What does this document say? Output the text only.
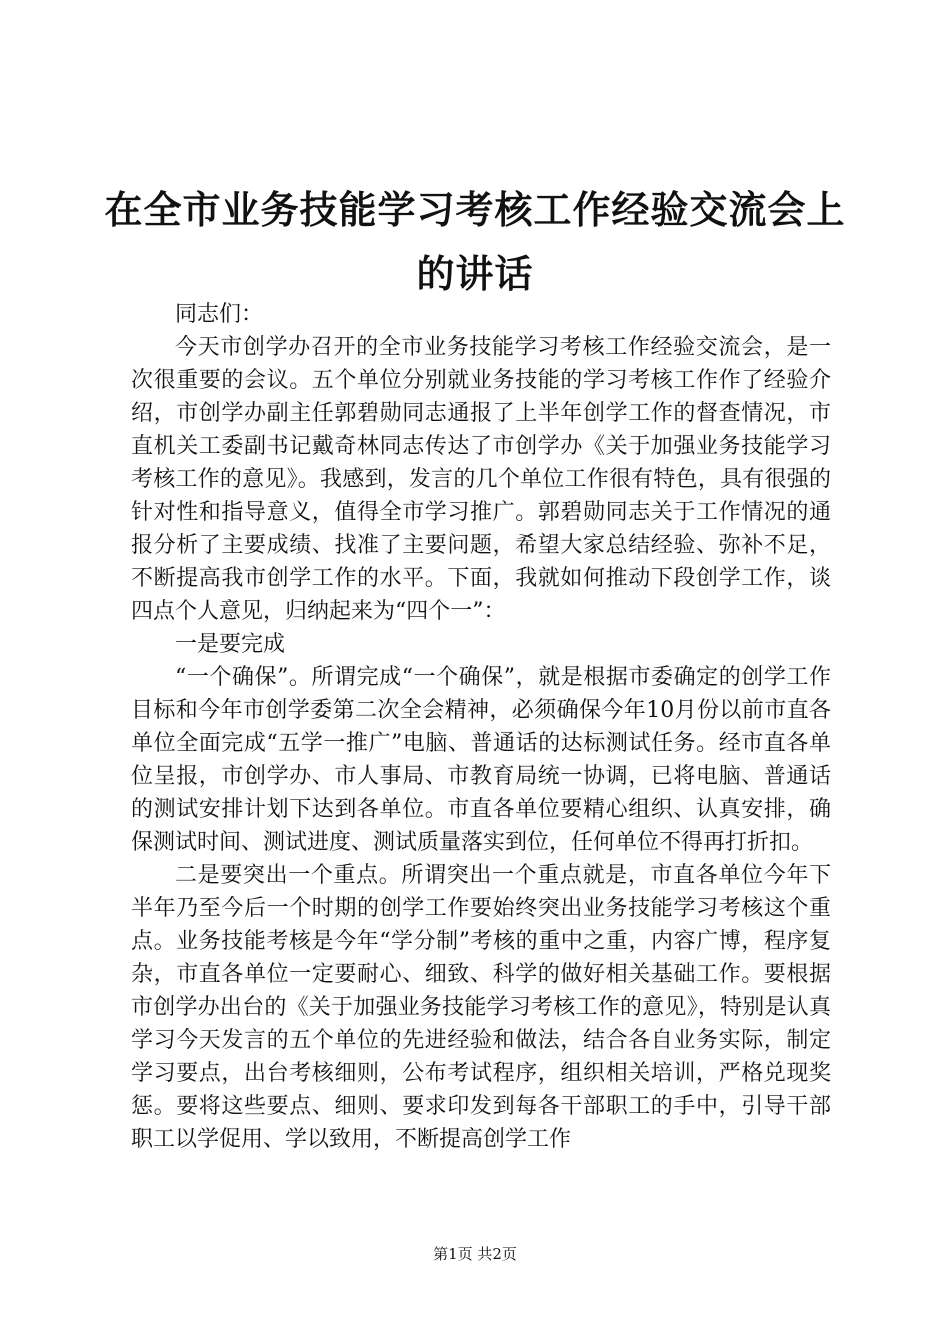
在全市业务技能学习考核工作经验交流会上的讲话

同志们：

今天市创学办召开的全市业务技能学习考核工作经验交流会，是一次很重要的会议。五个单位分别就业务技能的学习考核工作作了经验介绍，市创学办副主任郭碧勋同志通报了上半年创学工作的督查情况，市直机关工委副书记戴奇林同志传达了市创学办《关于加强业务技能学习考核工作的意见》。我感到，发言的几个单位工作很有特色，具有很强的针对性和指导意义，值得全市学习推广。郭碧勋同志关于工作情况的通报分析了主要成绩、找准了主要问题，希望大家总结经验、弥补不足，不断提高我市创学工作的水平。下面，我就如何推动下段创学工作，谈四点个人意见，归纳起来为“四个一”：

一是要完成

“一个确保”。所谓完成“一个确保”，就是根据市委确定的创学工作目标和今年市创学委第二次全会精神，必须确保今年10月份以前市直各单位全面完成“五学一推广”电脑、普通话的达标测试任务。经市直各单位呈报，市创学办、市人事局、市教育局统一协调，已将电脑、普通话的测试安排计划下达到各单位。市直各单位要精心组织、认真安排，确保测试时间、测试进度、测试质量落实到位，任何单位不得再打折扣。

二是要突出一个重点。所谓突出一个重点就是，市直各单位今年下半年乃至今后一个时期的创学工作要始终突出业务技能学习考核这个重点。业务技能考核是今年“学分制”考核的重中之重，内容广博，程序复杂，市直各单位一定要耐心、细致、科学的做好相关基础工作。要根据市创学办出台的《关于加强业务技能学习考核工作的意见》，特别是认真学习今天发言的五个单位的先进经验和做法，结合各自业务实际，制定学习要点，出台考核细则，公布考试程序，组织相关培训，严格兑现奖惩。要将这些要点、细则、要求印发到每各干部职工的手中，引导干部职工以学促用、学以致用，不断提高创学工作

第1页 共2页
